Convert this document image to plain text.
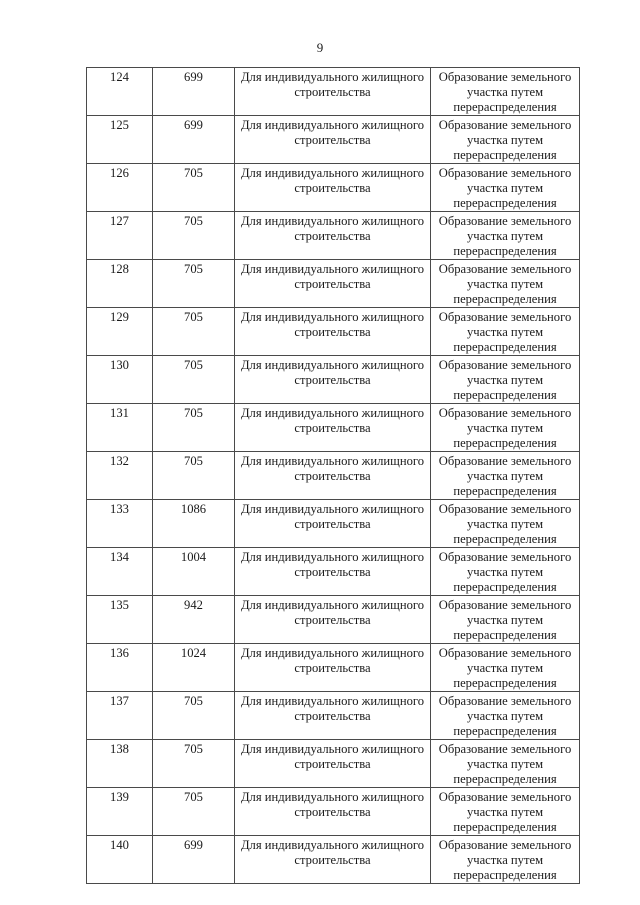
9
124	699	Для индивидуального жилищного строительства	Образование земельного участка путем перераспределения
125	699	Для индивидуального жилищного строительства	Образование земельного участка путем перераспределения
126	705	Для индивидуального жилищного строительства	Образование земельного участка путем перераспределения
127	705	Для индивидуального жилищного строительства	Образование земельного участка путем перераспределения
128	705	Для индивидуального жилищного строительства	Образование земельного участка путем перераспределения
129	705	Для индивидуального жилищного строительства	Образование земельного участка путем перераспределения
130	705	Для индивидуального жилищного строительства	Образование земельного участка путем перераспределения
131	705	Для индивидуального жилищного строительства	Образование земельного участка путем перераспределения
132	705	Для индивидуального жилищного строительства	Образование земельного участка путем перераспределения
133	1086	Для индивидуального жилищного строительства	Образование земельного участка путем перераспределения
134	1004	Для индивидуального жилищного строительства	Образование земельного участка путем перераспределения
135	942	Для индивидуального жилищного строительства	Образование земельного участка путем перераспределения
136	1024	Для индивидуального жилищного строительства	Образование земельного участка путем перераспределения
137	705	Для индивидуального жилищного строительства	Образование земельного участка путем перераспределения
138	705	Для индивидуального жилищного строительства	Образование земельного участка путем перераспределения
139	705	Для индивидуального жилищного строительства	Образование земельного участка путем перераспределения
140	699	Для индивидуального жилищного строительства	Образование земельного участка путем перераспределения
